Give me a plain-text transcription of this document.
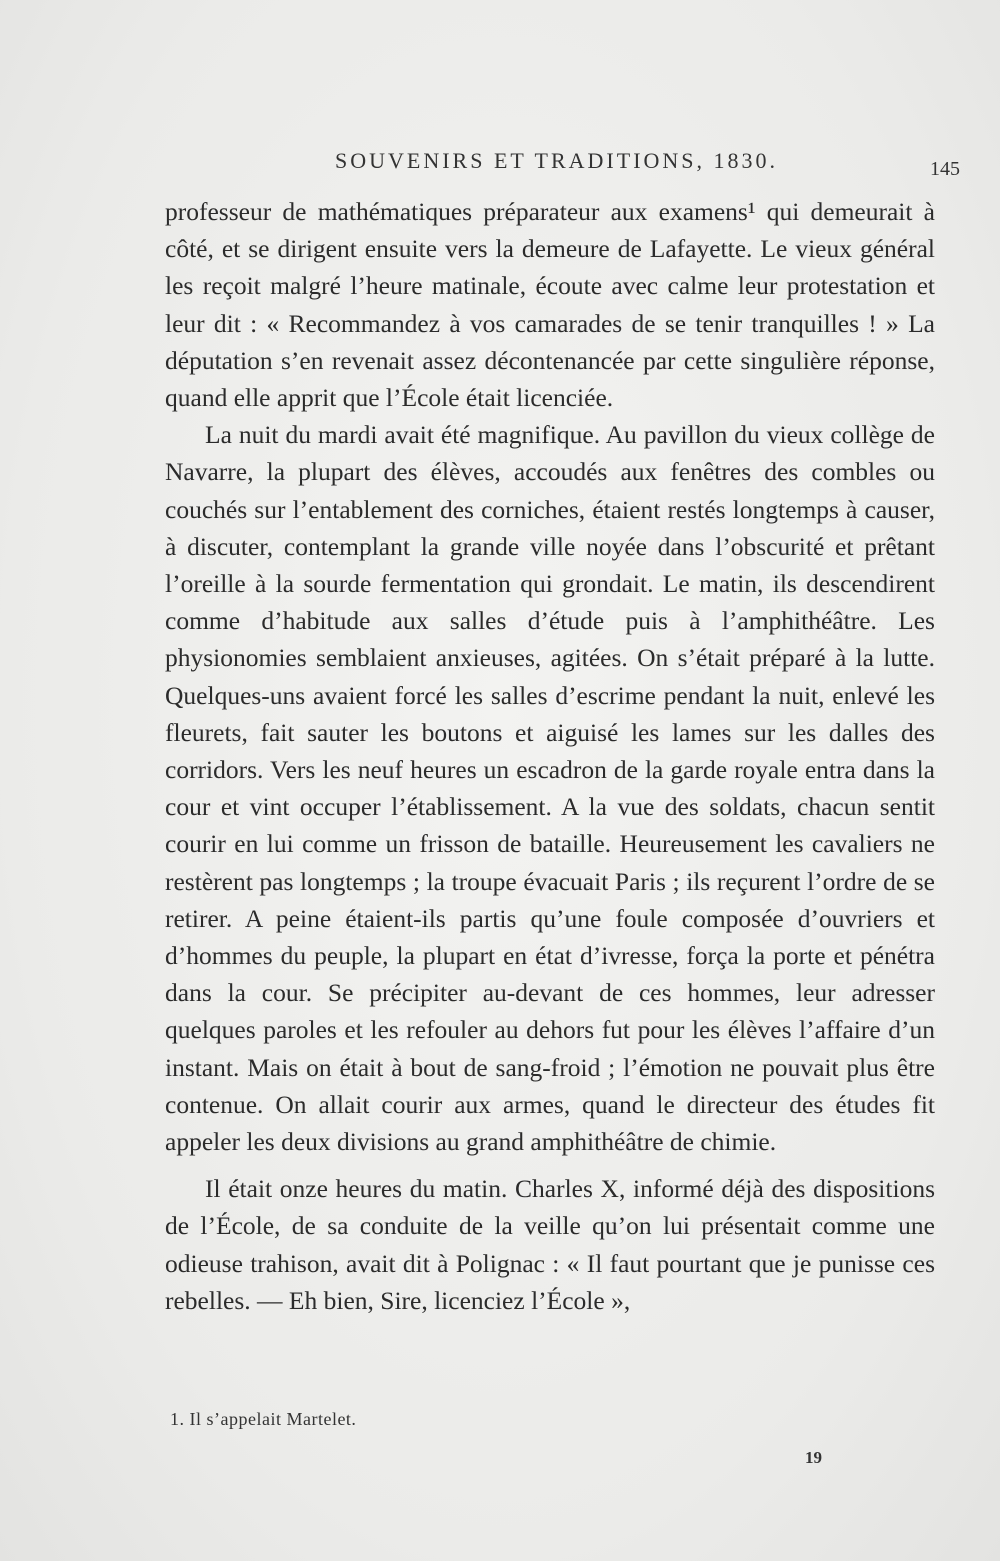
SOUVENIRS ET TRADITIONS, 1830.	145

professeur de mathématiques préparateur aux examens¹ qui demeurait à côté, et se dirigent ensuite vers la demeure de Lafayette. Le vieux général les reçoit malgré l’heure matinale, écoute avec calme leur protestation et leur dit : « Recommandez à vos camarades de se tenir tranquilles ! » La députation s’en revenait assez décontenancée par cette singulière réponse, quand elle apprit que l’École était licenciée.

La nuit du mardi avait été magnifique. Au pavillon du vieux collège de Navarre, la plupart des élèves, accoudés aux fenêtres des combles ou couchés sur l’entablement des corniches, étaient restés longtemps à causer, à discuter, contemplant la grande ville noyée dans l’obscurité et prêtant l’oreille à la sourde fermentation qui grondait. Le matin, ils descendirent comme d’habitude aux salles d’étude puis à l’amphithéâtre. Les physionomies semblaient anxieuses, agitées. On s’était préparé à la lutte. Quelques-uns avaient forcé les salles d’escrime pendant la nuit, enlevé les fleurets, fait sauter les boutons et aiguisé les lames sur les dalles des corridors. Vers les neuf heures un escadron de la garde royale entra dans la cour et vint occuper l’établissement. A la vue des soldats, chacun sentit courir en lui comme un frisson de bataille. Heureusement les cavaliers ne restèrent pas longtemps ; la troupe évacuait Paris ; ils reçurent l’ordre de se retirer. A peine étaient-ils partis qu’une foule composée d’ouvriers et d’hommes du peuple, la plupart en état d’ivresse, força la porte et pénétra dans la cour. Se précipiter au-devant de ces hommes, leur adresser quelques paroles et les refouler au dehors fut pour les élèves l’affaire d’un instant. Mais on était à bout de sang-froid ; l’émotion ne pouvait plus être contenue. On allait courir aux armes, quand le directeur des études fit appeler les deux divisions au grand amphithéâtre de chimie.

Il était onze heures du matin. Charles X, informé déjà des dispositions de l’École, de sa conduite de la veille qu’on lui présentait comme une odieuse trahison, avait dit à Polignac : « Il faut pourtant que je punisse ces rebelles. — Eh bien, Sire, licenciez l’École »,

1. Il s’appelait Martelet.
19
